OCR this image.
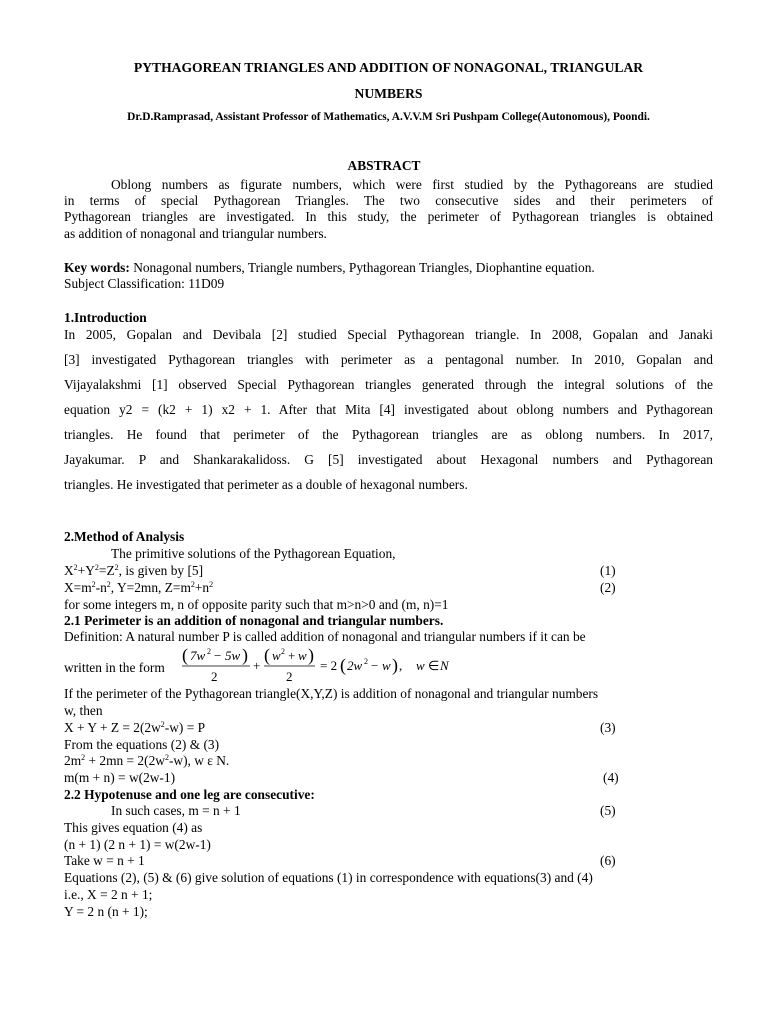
PYTHAGOREAN TRIANGLES AND ADDITION OF NONAGONAL, TRIANGULAR
NUMBERS
Dr.D.Ramprasad, Assistant Professor of Mathematics, A.V.V.M Sri Pushpam College(Autonomous), Poondi.
ABSTRACT
Oblong numbers as figurate numbers, which were first studied by the Pythagoreans are studied
in terms of special Pythagorean Triangles. The two consecutive sides and their perimeters of
Pythagorean triangles are investigated. In this study, the perimeter of Pythagorean triangles is obtained
as addition of nonagonal and triangular numbers.
Key words: Nonagonal numbers, Triangle numbers, Pythagorean Triangles, Diophantine equation.
Subject Classification: 11D09
1.Introduction
In 2005, Gopalan and Devibala [2] studied Special Pythagorean triangle. In 2008, Gopalan and Janaki
[3] investigated Pythagorean triangles with perimeter as a pentagonal number. In 2010, Gopalan and
Vijayalakshmi [1] observed Special Pythagorean triangles generated through the integral solutions of the
equation y2 = (k2 + 1) x2 + 1. After that Mita [4] investigated about oblong numbers and Pythagorean
triangles. He found that perimeter of the Pythagorean triangles are as oblong numbers. In 2017,
Jayakumar. P and Shankarakalidoss. G [5] investigated about Hexagonal numbers and Pythagorean
triangles. He investigated that perimeter as a double of hexagonal numbers.
2.Method of Analysis
The primitive solutions of the Pythagorean Equation,
$X^2+Y^2=Z^2$, is given by [5]	(1)
$X=m^2-n^2$, Y=2mn, $Z=m^2+n^2$	(2)
for some integers m, n of opposite parity such that m>n>0 and (m, n)=1
2.1 Perimeter is an addition of nonagonal and triangular numbers.
Definition: A natural number P is called addition of nonagonal and triangular numbers if it can be
written in the form
( 7w 2 − 5w )
2
+
( w 2 + w )
2
= 2 ( 2w 2 − w ) , w ∈ N
If the perimeter of the Pythagorean triangle(X,Y,Z) is addition of nonagonal and triangular numbers
w, then
$X + Y + Z = 2(2w^2-w) = P$	(3)
From the equations (2) & (3)
$2m^2 + 2mn = 2(2w^2-w)$, w ε N.
m(m + n) = w(2w-1)	(4)
2.2 Hypotenuse and one leg are consecutive:
In such cases, m = n + 1	(5)
This gives equation (4) as
(n + 1) (2 n + 1) = w(2w-1)
Take w = n + 1	(6)
Equations (2), (5) & (6) give solution of equations (1) in correspondence with equations(3) and (4)
i.e., X = 2 n + 1;
Y = 2 n (n + 1);
